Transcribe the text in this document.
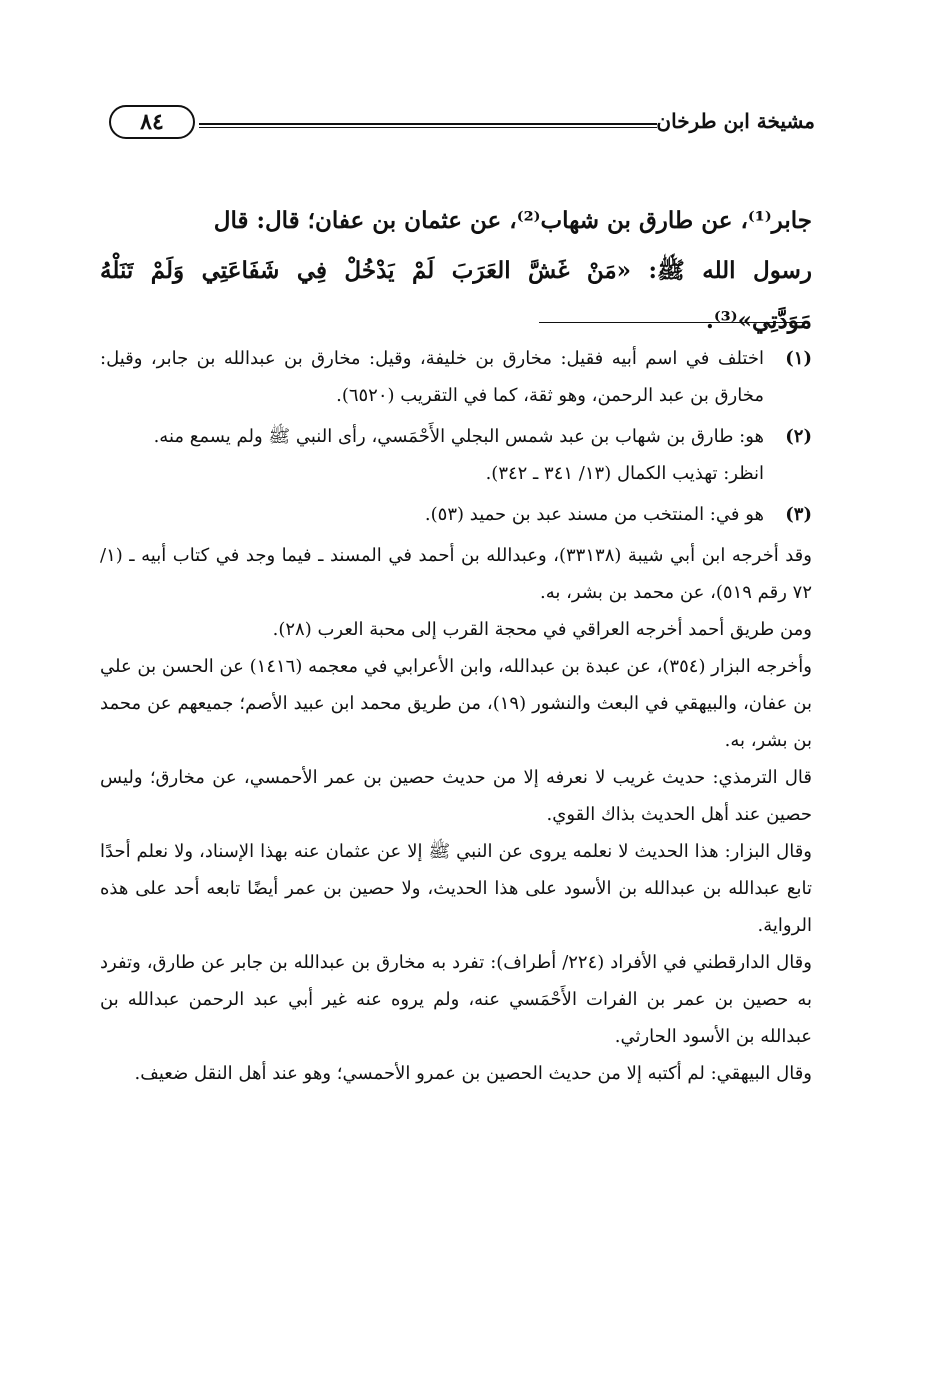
مشيخة ابن طرخان
٨٤

جابر⁽¹⁾، عن طارق بن شهاب⁽²⁾، عن عثمان بن عفان؛ قال: قال

رسول الله ﷺ: «مَنْ غَشَّ العَرَبَ لَمْ يَدْخُلْ فِي شَفَاعَتِي وَلَمْ تَنَلْهُ مَوَدَّتِي»⁽³⁾.

(١)

اختلف في اسم أبيه فقيل: مخارق بن خليفة، وقيل: مخارق بن عبدالله بن جابر، وقيل: مخارق بن عبد الرحمن، وهو ثقة، كما في التقريب (٦٥٢٠).

(٢)

هو: طارق بن شهاب بن عبد شمس البجلي الأَحْمَسي، رأى النبي ﷺ ولم يسمع منه.

انظر: تهذيب الكمال (١٣/ ٣٤١ ـ ٣٤٢).

(٣)

هو في: المنتخب من مسند عبد بن حميد (٥٣).

وقد أخرجه ابن أبي شيبة (٣٣١٣٨)، وعبدالله بن أحمد في المسند ـ فيما وجد في كتاب أبيه ـ (١/ ٧٢ رقم ٥١٩)، عن محمد بن بشر، به.

ومن طريق أحمد أخرجه العراقي في محجة القرب إلى محبة العرب (٢٨).

وأخرجه البزار (٣٥٤)، عن عبدة بن عبدالله، وابن الأعرابي في معجمه (١٤١٦) عن الحسن بن علي بن عفان، والبيهقي في البعث والنشور (١٩)، من طريق محمد ابن عبيد الأصم؛ جميعهم عن محمد بن بشر، به.

قال الترمذي: حديث غريب لا نعرفه إلا من حديث حصين بن عمر الأحمسي، عن مخارق؛ وليس حصين عند أهل الحديث بذاك القوي.

وقال البزار: هذا الحديث لا نعلمه يروى عن النبي ﷺ إلا عن عثمان عنه بهذا الإسناد، ولا نعلم أحدًا تابع عبدالله بن عبدالله بن الأسود على هذا الحديث، ولا حصين بن عمر أيضًا تابعه أحد على هذه الرواية.

وقال الدارقطني في الأفراد (٢٢٤/ أطراف): تفرد به مخارق بن عبدالله بن جابر عن طارق، وتفرد به حصين بن عمر بن الفرات الأَحْمَسي عنه، ولم يروه عنه غير أبي عبد الرحمن عبدالله بن عبدالله بن الأسود الحارثي.

وقال البيهقي: لم أكتبه إلا من حديث الحصين بن عمرو الأحمسي؛ وهو عند أهل النقل ضعيف.
